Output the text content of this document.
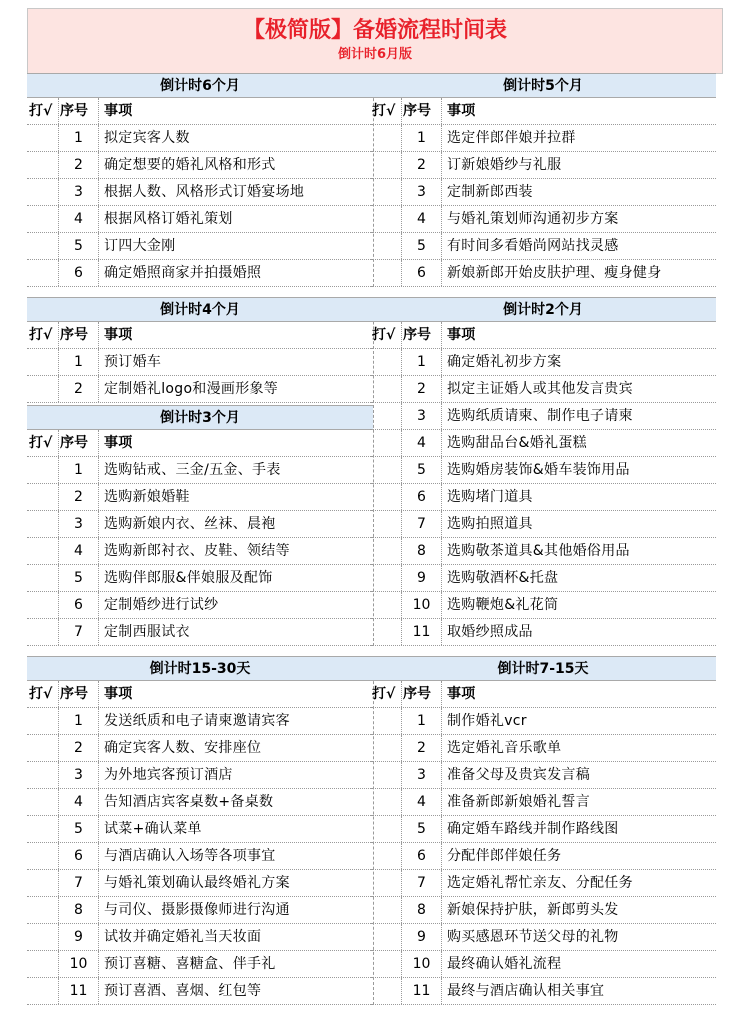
【极简版】备婚流程时间表
倒计时6月版
倒计时6个月
打√ 序号	事项
1	拟定宾客人数
2	确定想要的婚礼风格和形式
3	根据人数、风格形式订婚宴场地
4	根据风格订婚礼策划
5	订四大金刚
6	确定婚照商家并拍摄婚照
倒计时5个月
打√ 序号	事项
1	选定伴郎伴娘并拉群
2	订新娘婚纱与礼服
3	定制新郎西装
4	与婚礼策划师沟通初步方案
5	有时间多看婚尚网站找灵感
6	新娘新郎开始皮肤护理、瘦身健身
倒计时4个月
打√ 序号	事项
1	预订婚车
2	定制婚礼logo和漫画形象等
倒计时3个月
打√ 序号	事项
1	选购钻戒、三金/五金、手表
2	选购新娘婚鞋
3	选购新娘内衣、丝袜、晨袍
4	选购新郎衬衣、皮鞋、领结等
5	选购伴郎服&伴娘服及配饰
6	定制婚纱进行试纱
7	定制西服试衣
倒计时2个月
打√ 序号	事项
1	确定婚礼初步方案
2	拟定主证婚人或其他发言贵宾
3	选购纸质请柬、制作电子请柬
4	选购甜品台&婚礼蛋糕
5	选购婚房装饰&婚车装饰用品
6	选购堵门道具
7	选购拍照道具
8	选购敬茶道具&其他婚俗用品
9	选购敬酒杯&托盘
10	选购鞭炮&礼花筒
11	取婚纱照成品
倒计时15-30天
打√ 序号	事项
1	发送纸质和电子请柬邀请宾客
2	确定宾客人数、安排座位
3	为外地宾客预订酒店
4	告知酒店宾客桌数+备桌数
5	试菜+确认菜单
6	与酒店确认入场等各项事宜
7	与婚礼策划确认最终婚礼方案
8	与司仪、摄影摄像师进行沟通
9	试妆并确定婚礼当天妆面
10	预订喜糖、喜糖盒、伴手礼
11	预订喜酒、喜烟、红包等
倒计时7-15天
打√ 序号	事项
1	制作婚礼vcr
2	选定婚礼音乐歌单
3	准备父母及贵宾发言稿
4	准备新郎新娘婚礼誓言
5	确定婚车路线并制作路线图
6	分配伴郎伴娘任务
7	选定婚礼帮忙亲友、分配任务
8	新娘保持护肤，新郎剪头发
9	购买感恩环节送父母的礼物
10	最终确认婚礼流程
11	最终与酒店确认相关事宜
